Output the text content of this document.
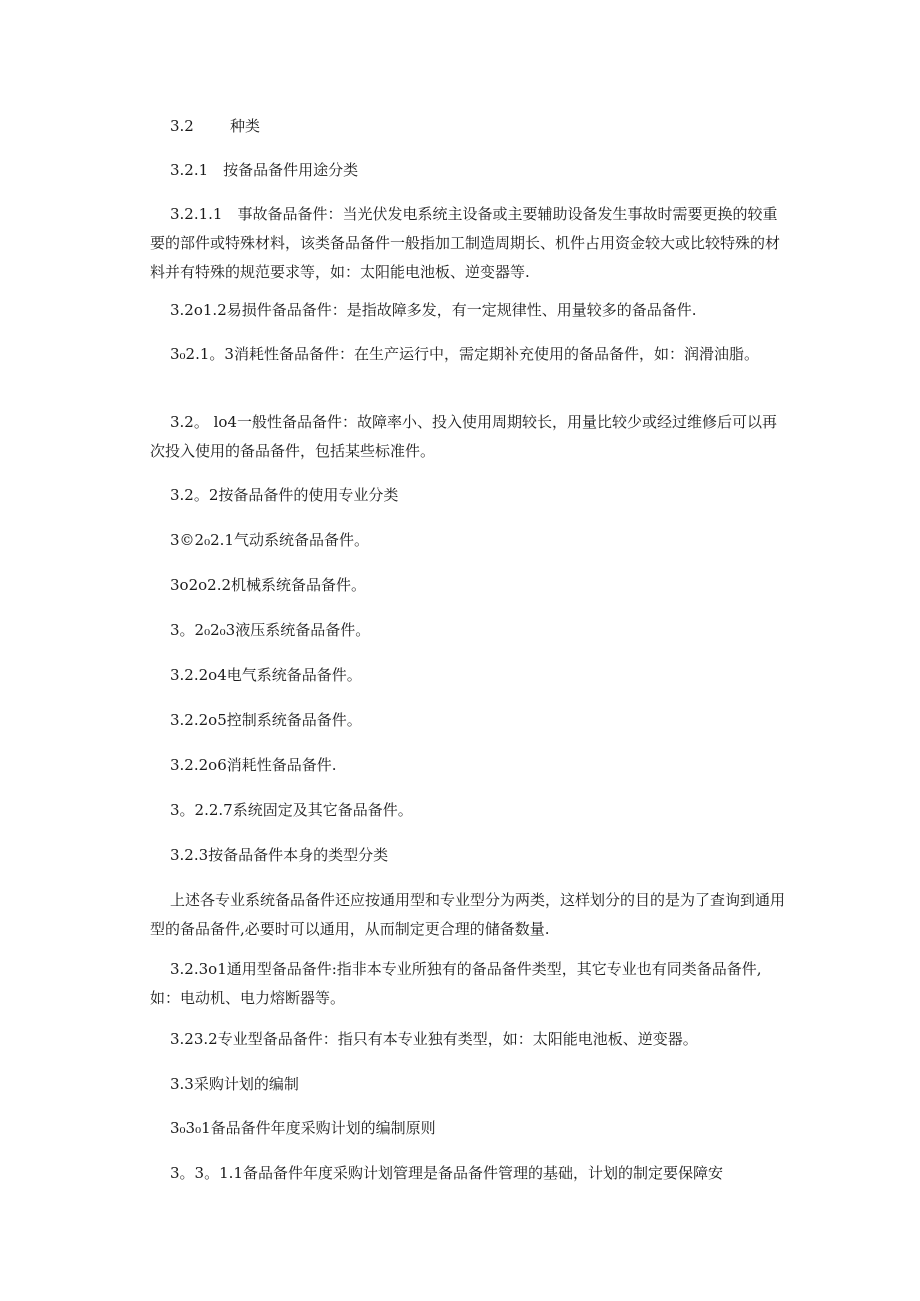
3.2 种类

3.2.1　按备品备件用途分类

3.2.1.1　事故备品备件：当光伏发电系统主设备或主要辅助设备发生事故时需要更换的较重要的部件或特殊材料，该类备品备件一般指加工制造周期长、机件占用资金较大或比较特殊的材料并有特殊的规范要求等，如：太阳能电池板、逆变器等.

3.2o1.2易损件备品备件：是指故障多发，有一定规律性、用量较多的备品备件.

3₀2.1。3消耗性备品备件：在生产运行中，需定期补充使用的备品备件，如：润滑油脂。

3.2。 lo4一般性备品备件：故障率小、投入使用周期较长，用量比较少或经过维修后可以再次投入使用的备品备件，包括某些标准件。

3.2。2按备品备件的使用专业分类

3©2₀2.1气动系统备品备件。

3o2o2.2机械系统备品备件。

3。2₀2₀3液压系统备品备件。

3.2.2o4电气系统备品备件。

3.2.2o5控制系统备品备件。

3.2.2o6消耗性备品备件.

3。2.2.7系统固定及其它备品备件。

3.2.3按备品备件本身的类型分类

上述各专业系统备品备件还应按通用型和专业型分为两类，这样划分的目的是为了查询到通用型的备品备件,必要时可以通用，从而制定更合理的储备数量.

3.2.3o1通用型备品备件:指非本专业所独有的备品备件类型，其它专业也有同类备品备件,如：电动机、电力熔断器等。

3.23.2专业型备品备件：指只有本专业独有类型，如：太阳能电池板、逆变器。

3.3采购计划的编制

3₀3₀1备品备件年度采购计划的编制原则

3。3。1.1备品备件年度采购计划管理是备品备件管理的基础，计划的制定要保障安
